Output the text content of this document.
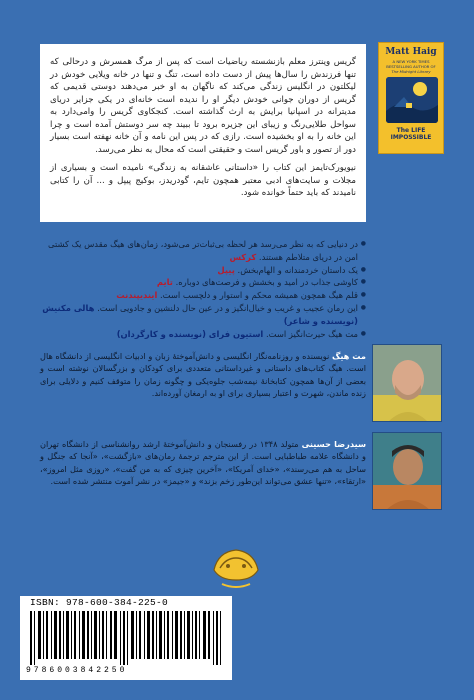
گریس وینترز معلم بازنشسته ریاضیات است که پس از مرگ همسرش و درحالی که تنها فرزندش را سال‌ها پیش از دست داده است، تنگ و تنها در خانه ویلایی خودش در لیکلتون در انگلیس زندگی می‌کند که ناگهان به او خبر می‌دهند دوستی قدیمی که گریس از دوران جوانی خودش دیگر او را ندیده است خانه‌ای در یکی جزایر دریای مدیترانه در اسپانیا برایش به ارث گذاشته است. کنجکاوی گریس را وامی‌دارد به سواحل طلایی‌رنگ و زیبای این جزیره برود تا ببیند چه سر دوستش آمده است و چرا این خانه را به او بخشیده است. رازی که در پس این نامه و آن خانه نهفته است بسیار دور از تصور و باور گریس است و حقیقتی است که محال به نظر می‌رسد.

نیویورک‌تایمز این کتاب را «داستانی عاشقانه به زندگی» نامیده است و بسیاری از مجلات و سایت‌های ادبی معتبر همچون تایم، گودریدز، بوکیج پیپل و ... آن را کتابی نامیدند که باید حتماً خوانده شود.

Matt Haig
A NEW YORK TIMES
BESTSELLING AUTHOR OF
The Midnight Library
The LIFE
IMPOSSIBLE
● در دنیایی که به نظر می‌رسد هر لحظه بی‌ثبات‌تر می‌شود، زمان‌های هیگ مقدس یک کشتی امن در دریای متلاطم هستند. کرکس
● یک داستان خردمندانه و الهام‌بخش. پیپل
● کاوشی جذاب در امید و بخشش و فرصت‌های دوباره. تایم
● قلم هیگ همچون همیشه محکم و استوار و دلچسب است. ایندیپندنت
● این رمان عجیب و غریب و خیال‌انگیز و در عین حال دلنشین و جادویی است. هالی مکنیش (نویسنده و شاعر)
● مت هیگ حیرت‌انگیز است. استیون فرای (نویسنده و کارگردان)

مت هیگ نویسنده و روزنامه‌نگار انگلیسی و دانش‌آموختهٔ زبان و ادبیات انگلیسی از دانشگاه هال است. هیگ کتاب‌های داستانی و غیرداستانی متعددی برای کودکان و بزرگسالان نوشته است و بعضی از آن‌ها همچون کتابخانهٔ نیمه‌شب جلوه‌یکی و چگونه زمان را متوقف کنیم و دلایلی برای زنده ماندن، شهرت و اعتبار بسیاری برای او به ارمغان آورده‌اند.

سید‌رضا حسینی متولد ۱۳۴۸ در رفسنجان و دانش‌آموختهٔ ارشد روانشناسی از دانشگاه تهران و دانشگاه علامه طباطبایی است. از این مترجم ترجمهٔ رمان‌های «بازگشت»، «آنجا که جنگل و ساحل به هم می‌رسند»، «خدای آمریکا»، «آخرین چیزی که به من گفت»، «روزی مثل امروز»، «ارتقاء»، «تنها عشق می‌تواند این‌طور زخم بزند» و «جیمز» در نشر آموت منتشر شده است.

ISBN: 978-600-384-225-0
9786003842250
